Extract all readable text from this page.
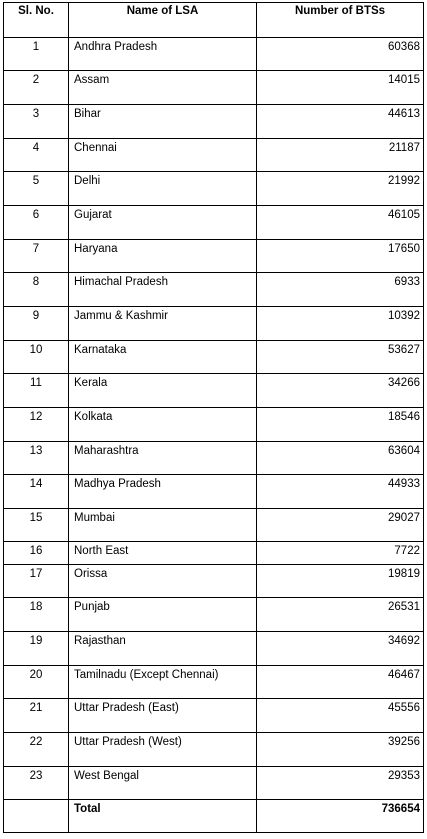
Sl. No.	Name of LSA	Number of BTSs
1	Andhra Pradesh	60368
2	Assam	14015
3	Bihar	44613
4	Chennai	21187
5	Delhi	21992
6	Gujarat	46105
7	Haryana	17650
8	Himachal Pradesh	6933
9	Jammu & Kashmir	10392
10	Karnataka	53627
11	Kerala	34266
12	Kolkata	18546
13	Maharashtra	63604
14	Madhya Pradesh	44933
15	Mumbai	29027
16	North East	7722
17	Orissa	19819
18	Punjab	26531
19	Rajasthan	34692
20	Tamilnadu (Except Chennai)	46467
21	Uttar Pradesh (East)	45556
22	Uttar Pradesh (West)	39256
23	West Bengal	29353
	Total	736654
